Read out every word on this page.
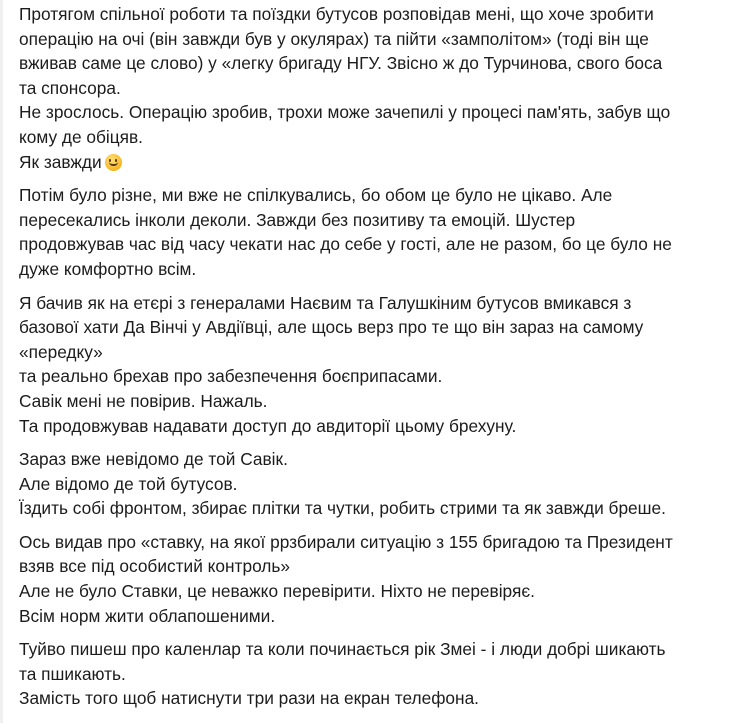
Протягом спільної роботи та поїздки бутусов розповідав мені, що хоче зробити
операцію на очі (він завжди був у окулярах) та пійти «замполітом» (тоді він ще
вживав саме це слово) у «легку бригаду НГУ. Звісно ж до Турчинова, свого боса
та спонсора.
Не зрослось. Операцію зробив, трохи може зачепилі у процесі пам'ять, забув що
кому де обіцяв.
Як завжди
Потім було різне, ми вже не спілкувались, бо обом це було не цікаво. Але
пересекались інколи деколи. Завжди без позитиву та емоцій. Шустер
продовжував час від часу чекати нас до себе у гості, але не разом, бо це було не
дуже комфортно всім.
Я бачив як на етєрі з генералами Наєвим та Галушкіним бутусов вмикався з
базової хати Да Вінчі у Авдіївці, але щось верз про те що він зараз на самому
«передку»
та реально брехав про забезпечення боєприпасами.
Савік мені не повірив. Нажаль.
Та продовжував надавати доступ до авдиторії цьому брехуну.
Зараз вже невідомо де той Савік.
Але відомо де той бутусов.
Їздить собі фронтом, збирає плітки та чутки, робить стрими та як завжди бреше.
Ось видав про «ставку, на якої ррзбирали ситуацію з 155 бригадою та Президент
взяв все під особистий контроль»
Але не було Ставки, це неважко перевірити. Ніхто не перевіряє.
Всім норм жити облапошеними.
Туйво пишеш про каленлар та коли починається рік Змеі - і люди добрі шикають
та пшикають.
Замість того щоб натиснути три рази на екран телефона.
